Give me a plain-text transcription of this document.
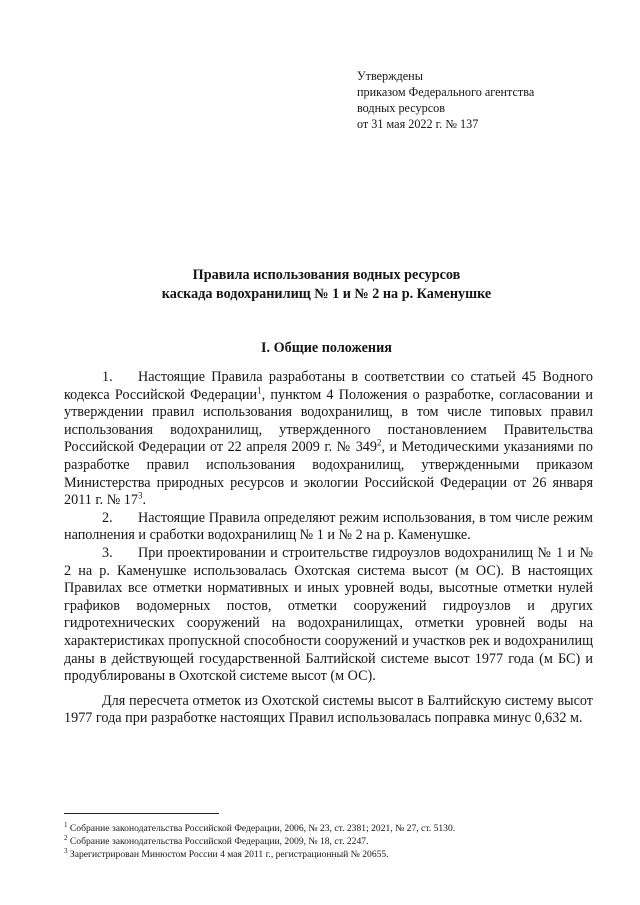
Утверждены
приказом Федерального агентства
водных ресурсов
от 31 мая 2022 г. № 137
Правила использования водных ресурсов
каскада водохранилищ № 1 и № 2 на р. Каменушке
I. Общие положения

1. Настоящие Правила разработаны в соответствии со статьей 45 Водного кодекса Российской Федерации$^1$, пунктом 4 Положения о разработке, согласовании и утверждении правил использования водохранилищ, в том числе типовых правил использования водохранилищ, утвержденного постановлением Правительства Российской Федерации от 22 апреля 2009 г. № $349^2$, и Методическими указаниями по разработке правил использования водохранилищ, утвержденными приказом Министерства природных ресурсов и экологии Российской Федерации от 26 января 2011 г. № $17^3$.

2. Настоящие Правила определяют режим использования, в том числе режим наполнения и сработки водохранилищ № 1 и № 2 на р. Каменушке.

3. При проектировании и строительстве гидроузлов водохранилищ № 1 и № 2 на р. Каменушке использовалась Охотская система высот (м ОС). В настоящих Правилах все отметки нормативных и иных уровней воды, высотные отметки нулей графиков водомерных постов, отметки сооружений гидроузлов и других гидротехнических сооружений на водохранилищах, отметки уровней воды на характеристиках пропускной способности сооружений и участков рек и водохранилищ даны в действующей государственной Балтийской системе высот 1977 года (м БС) и продублированы в Охотской системе высот (м ОС).

Для пересчета отметок из Охотской системы высот в Балтийскую систему высот 1977 года при разработке настоящих Правил использовалась поправка минус 0,632 м.

$^1$ Собрание законодательства Российской Федерации, 2006, № 23, ст. 2381; 2021, № 27, ст. 5130.
$^2$ Собрание законодательства Российской Федерации, 2009, № 18, ст. 2247.
$^3$ Зарегистрирован Минюстом России 4 мая 2011 г., регистрационный № 20655.
